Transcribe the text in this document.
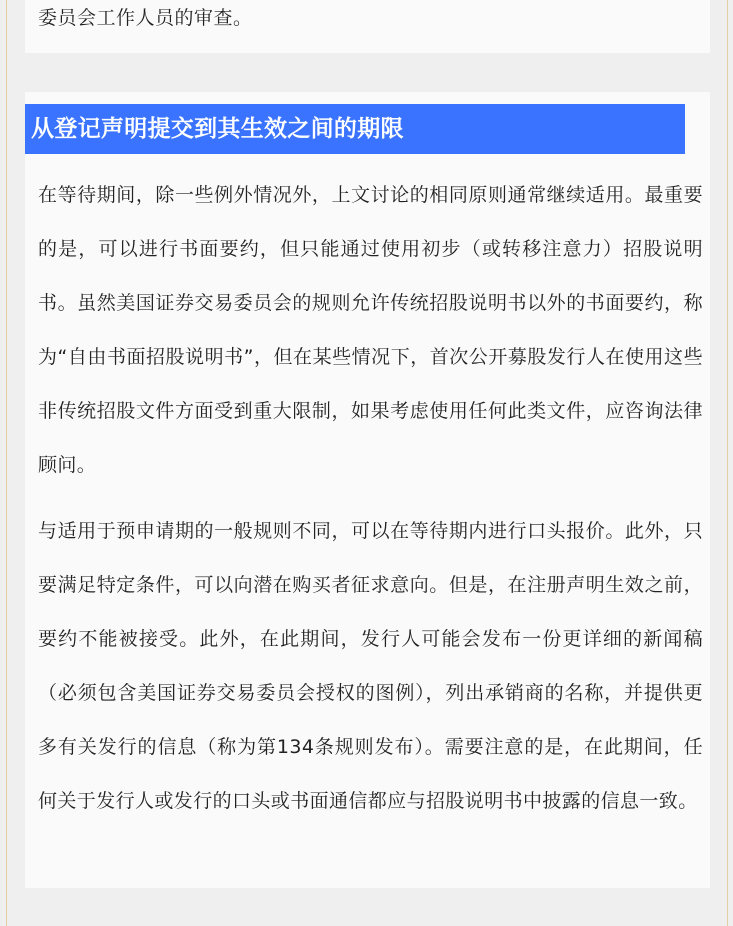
委员会工作人员的审查。

从登记声明提交到其生效之间的期限

在等待期间，除一些例外情况外，上文讨论的相同原则通常继续适用。最重要的是，可以进行书面要约，但只能通过使用初步（或转移注意力）招股说明书。虽然美国证券交易委员会的规则允许传统招股说明书以外的书面要约，称为“自由书面招股说明书”，但在某些情况下，首次公开募股发行人在使用这些非传统招股文件方面受到重大限制，如果考虑使用任何此类文件，应咨询法律顾问。

与适用于预申请期的一般规则不同，可以在等待期内进行口头报价。此外，只要满足特定条件，可以向潜在购买者征求意向。但是，在注册声明生效之前，要约不能被接受。此外，在此期间，发行人可能会发布一份更详细的新闻稿（必须包含美国证券交易委员会授权的图例），列出承销商的名称，并提供更多有关发行的信息（称为第134条规则发布）。需要注意的是，在此期间，任何关于发行人或发行的口头或书面通信都应与招股说明书中披露的信息一致。
